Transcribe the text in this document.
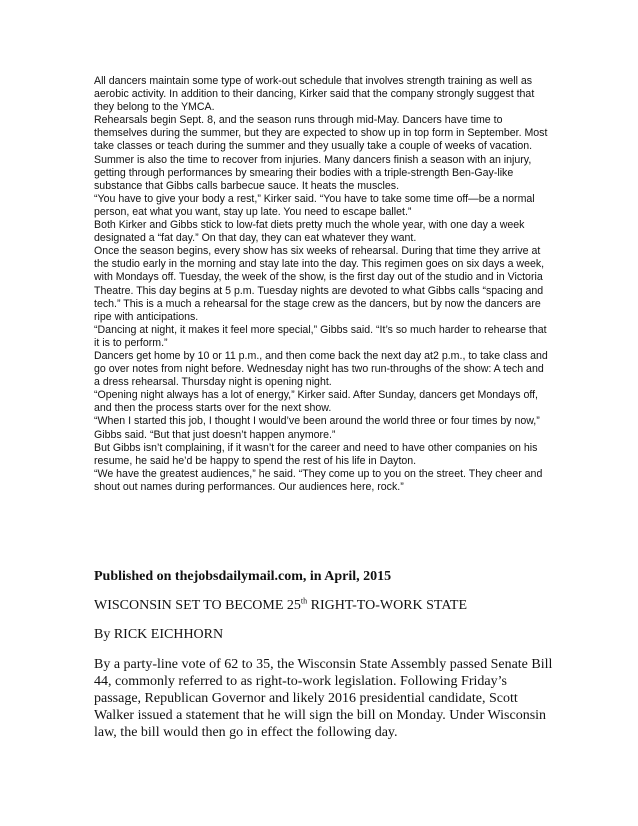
All dancers maintain some type of work-out schedule that involves strength training as well as aerobic activity. In addition to their dancing, Kirker said that the company strongly suggest that they belong to the YMCA.

Rehearsals begin Sept. 8, and the season runs through mid-May. Dancers have time to themselves during the summer, but they are expected to show up in top form in September. Most take classes or teach during the summer and they usually take a couple of weeks of vacation. Summer is also the time to recover from injuries. Many dancers finish a season with an injury, getting through performances by smearing their bodies with a triple-strength Ben-Gay-like substance that Gibbs calls barbecue sauce. It heats the muscles.

“You have to give your body a rest,” Kirker said. “You have to take some time off—be a normal person, eat what you want, stay up late. You need to escape ballet.”

Both Kirker and Gibbs stick to low-fat diets pretty much the whole year, with one day a week designated a “fat day.” On that day, they can eat whatever they want.

Once the season begins, every show has six weeks of rehearsal. During that time they arrive at the studio early in the morning and stay late into the day. This regimen goes on six days a week, with Mondays off. Tuesday, the week of the show, is the first day out of the studio and in Victoria Theatre. This day begins at 5 p.m. Tuesday nights are devoted to what Gibbs calls “spacing and tech.” This is a much a rehearsal for the stage crew as the dancers, but by now the dancers are ripe with anticipations.

“Dancing at night, it makes it feel more special,” Gibbs said. “It’s so much harder to rehearse that it is to perform.”

Dancers get home by 10 or 11 p.m., and then come back the next day at2 p.m., to take class and go over notes from night before. Wednesday night has two run-throughs of the show: A tech and a dress rehearsal. Thursday night is opening night.

“Opening night always has a lot of energy,” Kirker said. After Sunday, dancers get Mondays off, and then the process starts over for the next show.

“When I started this job, I thought I would’ve been around the world three or four times by now,” Gibbs said. “But that just doesn’t happen anymore.”

But Gibbs isn’t complaining, if it wasn’t for the career and need to have other companies on his resume, he said he’d be happy to spend the rest of his life in Dayton.

“We have the greatest audiences,” he said. “They come up to you on the street. They cheer and shout out names during performances. Our audiences here, rock.”

Published on thejobsdailymail.com, in April, 2015

WISCONSIN SET TO BECOME 25th RIGHT-TO-WORK STATE

By RICK EICHHORN

By a party-line vote of 62 to 35, the Wisconsin State Assembly passed Senate Bill 44, commonly referred to as right-to-work legislation. Following Friday’s passage, Republican Governor and likely 2016 presidential candidate, Scott Walker issued a statement that he will sign the bill on Monday. Under Wisconsin law, the bill would then go in effect the following day.
